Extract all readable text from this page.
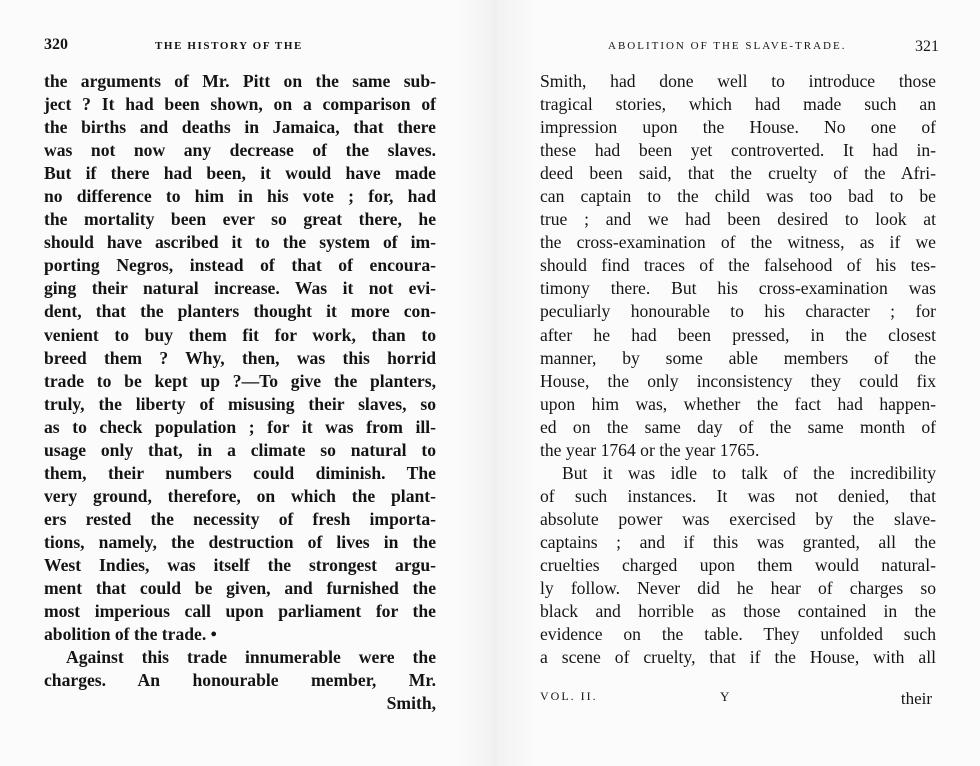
320	THE HISTORY OF THE
the arguments of Mr. Pitt on the same sub-
ject ? It had been shown, on a comparison of
the births and deaths in Jamaica, that there
was not now any decrease of the slaves.
But if there had been, it would have made
no difference to him in his vote ; for, had
the mortality been ever so great there, he
should have ascribed it to the system of im-
porting Negros, instead of that of encoura-
ging their natural increase. Was it not evi-
dent, that the planters thought it more con-
venient to buy them fit for work, than to
breed them ? Why, then, was this horrid
trade to be kept up ?—To give the planters,
truly, the liberty of misusing their slaves, so
as to check population ; for it was from ill-
usage only that, in a climate so natural to
them, their numbers could diminish. The
very ground, therefore, on which the plant-
ers rested the necessity of fresh importa-
tions, namely, the destruction of lives in the
West Indies, was itself the strongest argu-
ment that could be given, and furnished the
most imperious call upon parliament for the
abolition of the trade. •
Against this trade innumerable were the
charges. An honourable member, Mr.
Smith,
ABOLITION OF THE SLAVE-TRADE.	321
Smith, had done well to introduce those
tragical stories, which had made such an
impression upon the House. No one of
these had been yet controverted. It had in-
deed been said, that the cruelty of the Afri-
can captain to the child was too bad to be
true ; and we had been desired to look at
the cross-examination of the witness, as if we
should find traces of the falsehood of his tes-
timony there. But his cross-examination was
peculiarly honourable to his character ; for
after he had been pressed, in the closest
manner, by some able members of the
House, the only inconsistency they could fix
upon him was, whether the fact had happen-
ed on the same day of the same month of
the year 1764 or the year 1765.
But it was idle to talk of the incredibility
of such instances. It was not denied, that
absolute power was exercised by the slave-
captains ; and if this was granted, all the
cruelties charged upon them would natural-
ly follow. Never did he hear of charges so
black and horrible as those contained in the
evidence on the table. They unfolded such
a scene of cruelty, that if the House, with all
VOL. II.	Y	their
